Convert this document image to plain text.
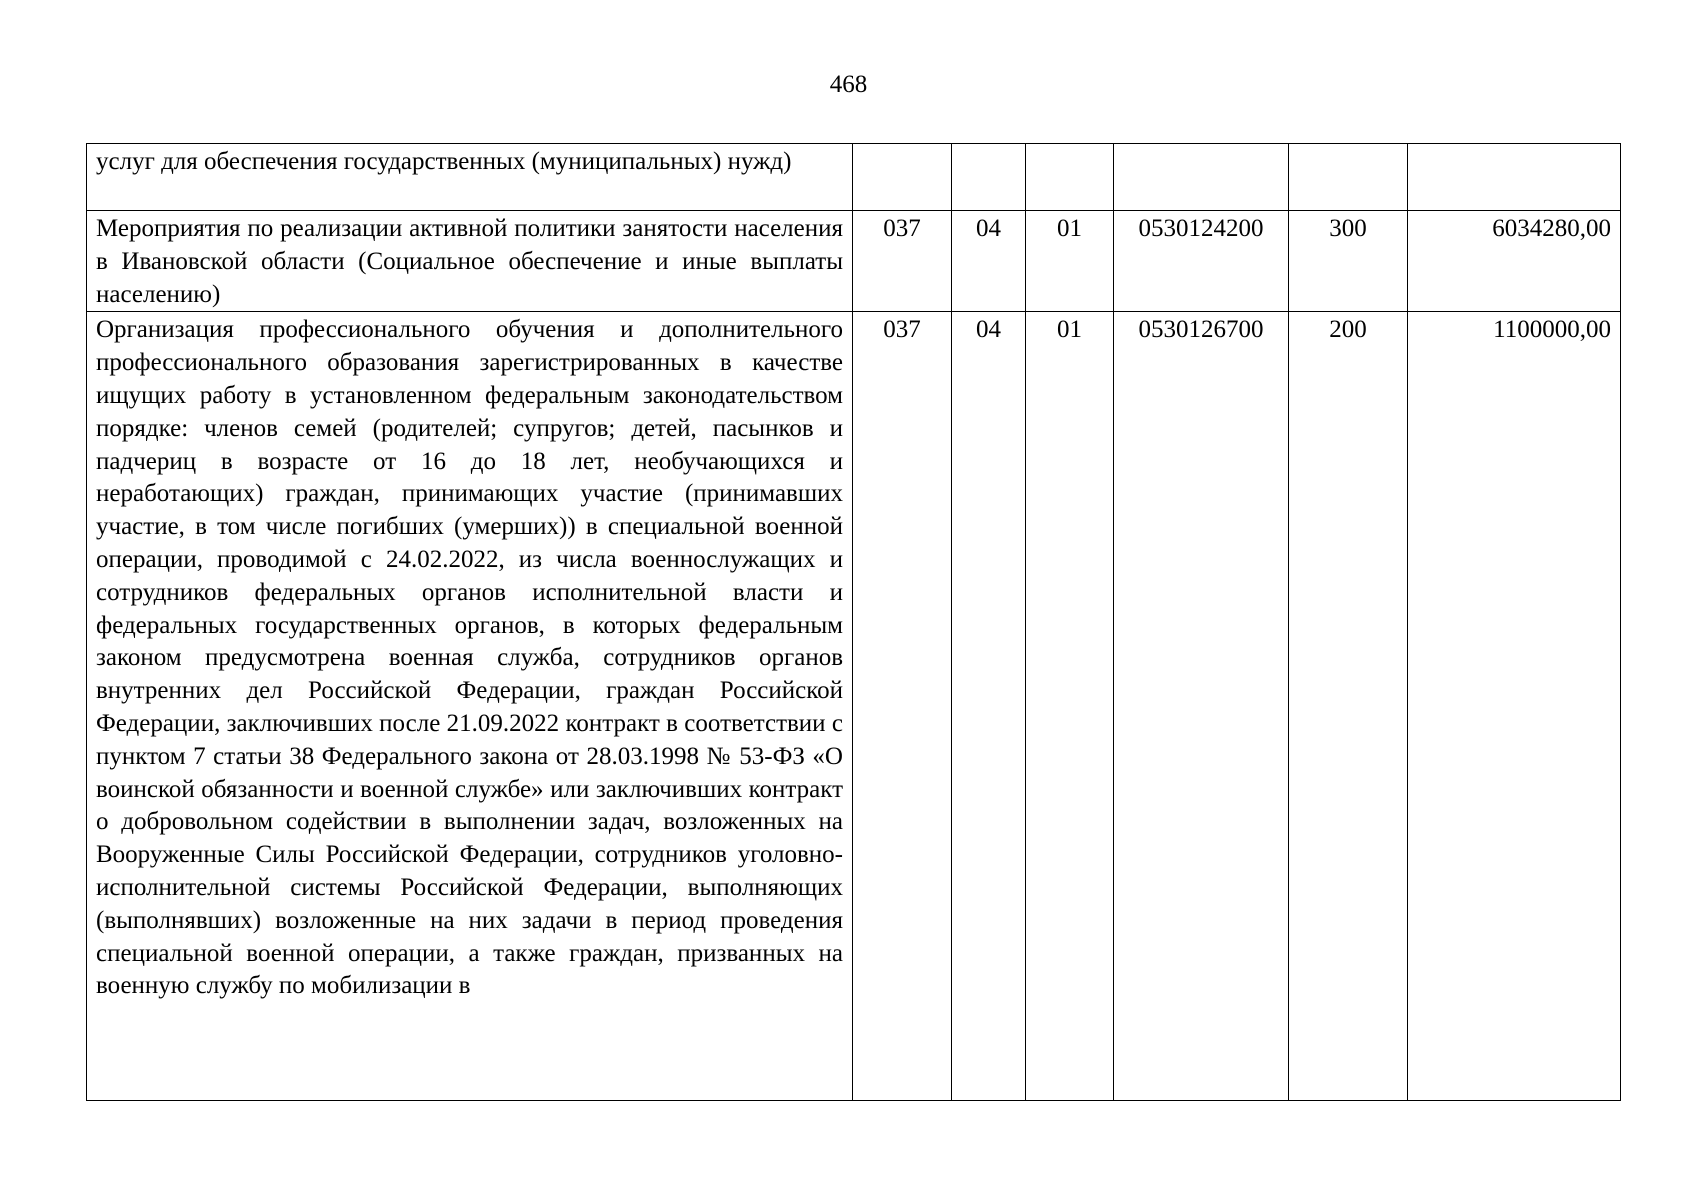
468
услуг для обеспечения государственных (муниципальных) нужд)						
Мероприятия по реализации активной политики занятости населения в Ивановской области (Социальное обеспечение и иные выплаты населению)	037	04	01	0530124200	300	6034280,00
Организация профессионального обучения и дополнительного профессионального образования зарегистрированных в качестве ищущих работу в установленном федеральным законодательством порядке: членов семей (родителей; супругов; детей, пасынков и падчериц в возрасте от 16 до 18 лет, необучающихся и неработающих) граждан, принимающих участие (принимавших участие, в том числе погибших (умерших)) в специальной военной операции, проводимой с 24.02.2022, из числа военнослужащих и сотрудников федеральных органов исполнительной власти и федеральных государственных органов, в которых федеральным законом предусмотрена военная служба, сотрудников органов внутренних дел Российской Федерации, граждан Российской Федерации, заключивших после 21.09.2022 контракт в соответствии с пунктом 7 статьи 38 Федерального закона от 28.03.1998 № 53-ФЗ «О воинской обязанности и военной службе» или заключивших контракт о добровольном содействии в выполнении задач, возложенных на Вооруженные Силы Российской Федерации, сотрудников уголовно-исполнительной системы Российской Федерации, выполняющих (выполнявших) возложенные на них задачи в период проведения специальной военной операции, а также граждан, призванных на военную службу по мобилизации в	037	04	01	0530126700	200	1100000,00
